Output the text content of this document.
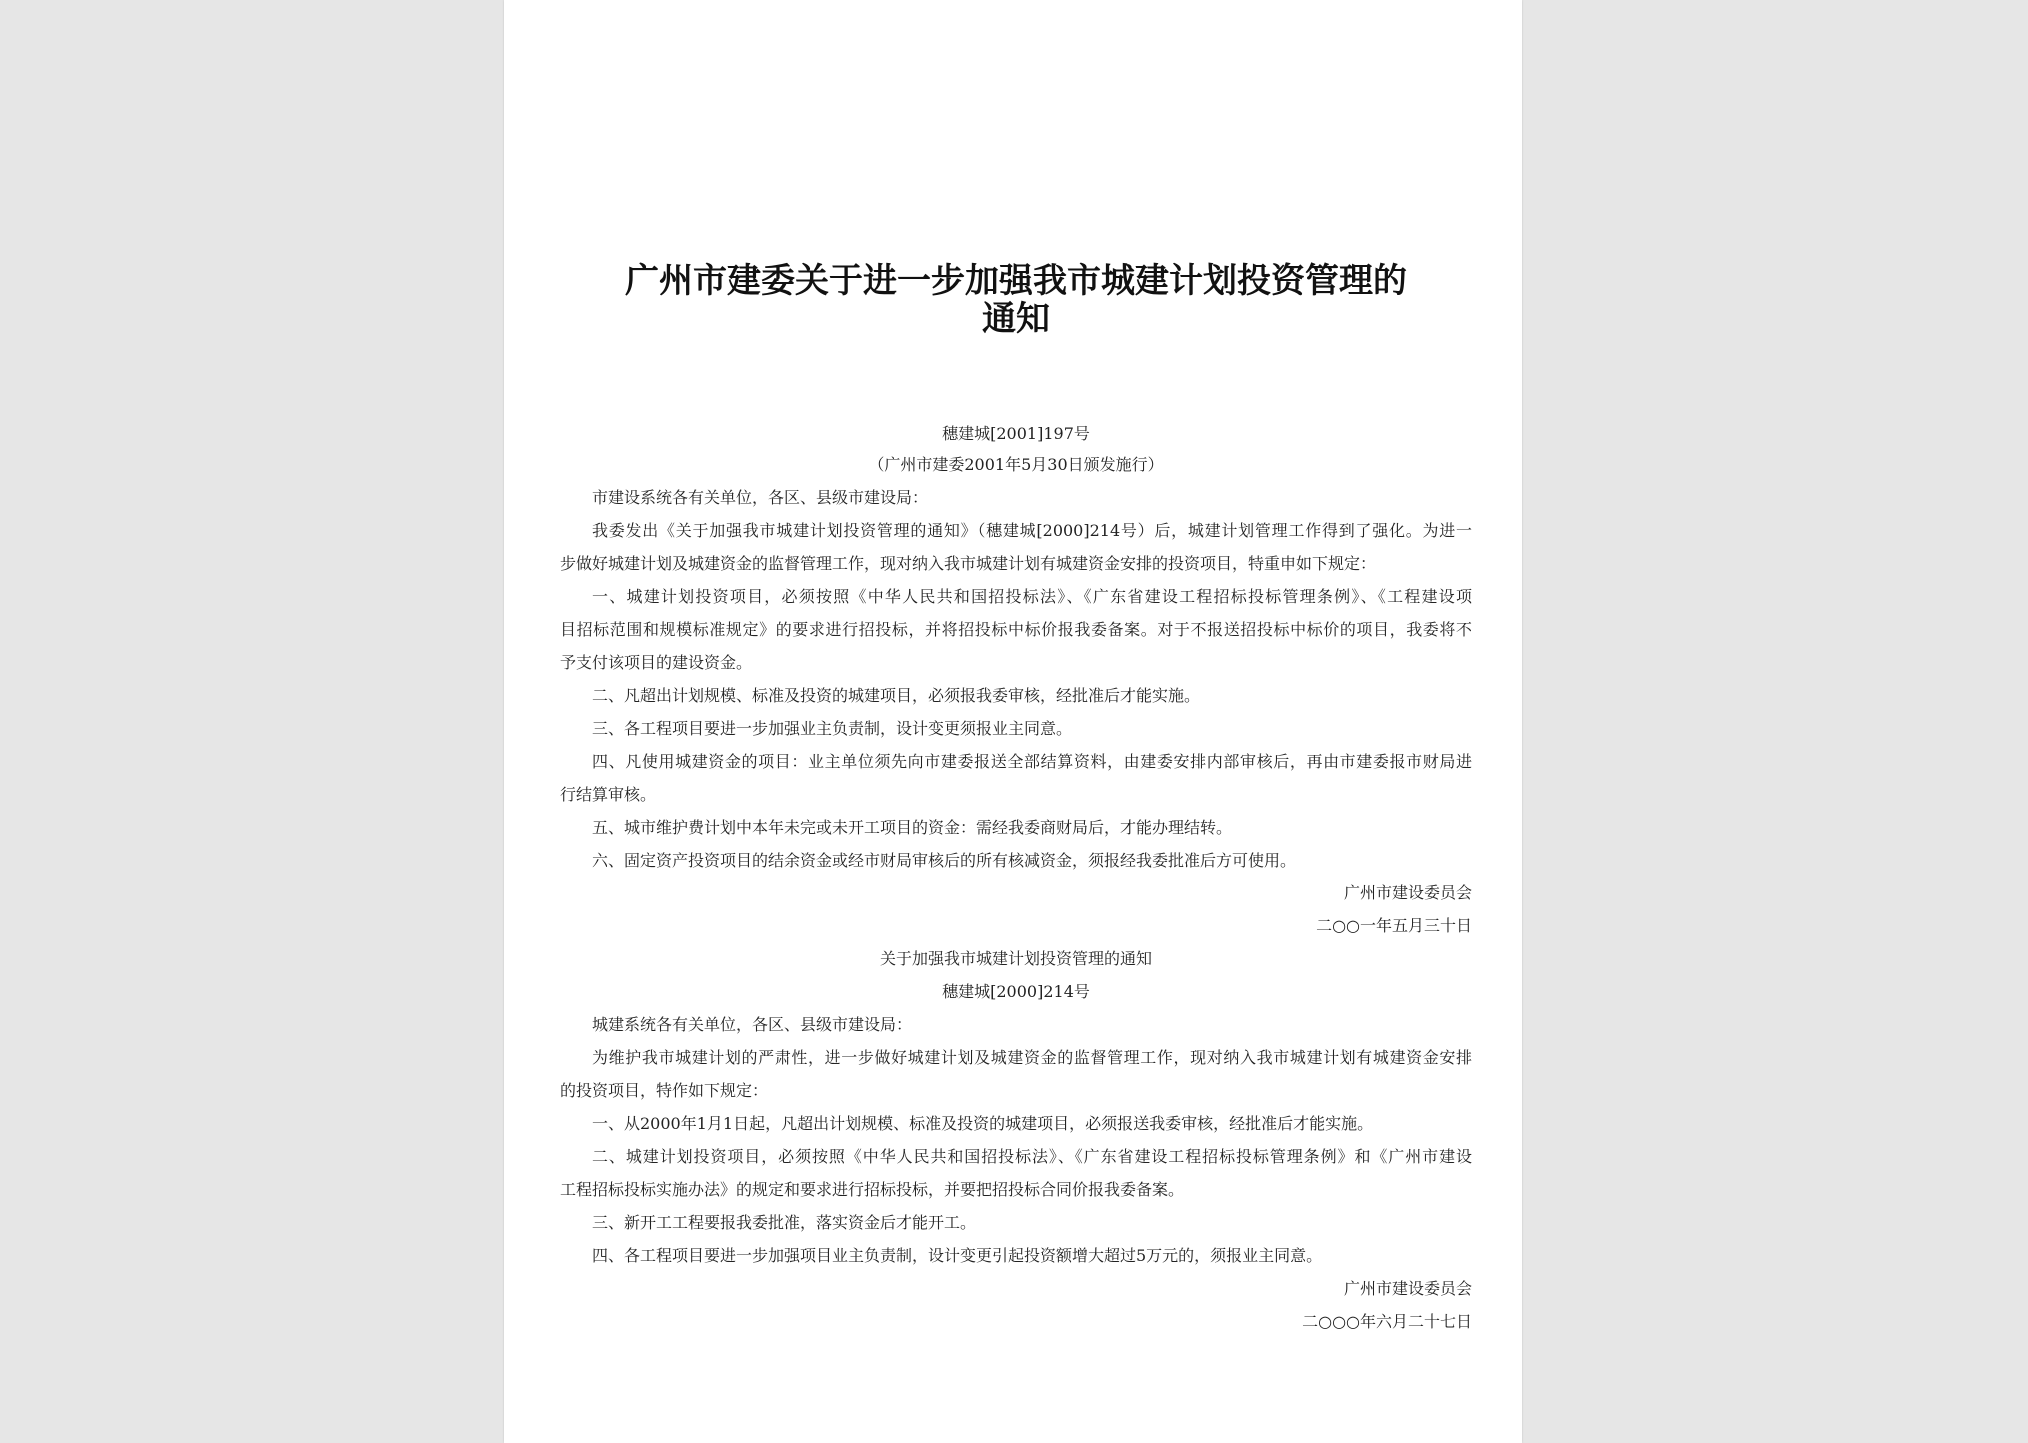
广州市建委关于进一步加强我市城建计划投资管理的
通知
穗建城[2001]197号
（广州市建委2001年5月30日颁发施行）
市建设系统各有关单位，各区、县级市建设局：
我委发出《关于加强我市城建计划投资管理的通知》（穗建城[2000]214号）后，城建计划管理工作得到了强化。为进一
步做好城建计划及城建资金的监督管理工作，现对纳入我市城建计划有城建资金安排的投资项目，特重申如下规定：
一、城建计划投资项目，必须按照《中华人民共和国招投标法》、《广东省建设工程招标投标管理条例》、《工程建设项
目招标范围和规模标准规定》的要求进行招投标，并将招投标中标价报我委备案。对于不报送招投标中标价的项目，我委将不
予支付该项目的建设资金。
二、凡超出计划规模、标准及投资的城建项目，必须报我委审核，经批准后才能实施。
三、各工程项目要进一步加强业主负责制，设计变更须报业主同意。
四、凡使用城建资金的项目：业主单位须先向市建委报送全部结算资料，由建委安排内部审核后，再由市建委报市财局进
行结算审核。
五、城市维护费计划中本年未完或未开工项目的资金：需经我委商财局后，才能办理结转。
六、固定资产投资项目的结余资金或经市财局审核后的所有核减资金，须报经我委批准后方可使用。
广州市建设委员会
二○○一年五月三十日
关于加强我市城建计划投资管理的通知
穗建城[2000]214号
城建系统各有关单位，各区、县级市建设局：
为维护我市城建计划的严肃性，进一步做好城建计划及城建资金的监督管理工作，现对纳入我市城建计划有城建资金安排
的投资项目，特作如下规定：
一、从2000年1月1日起，凡超出计划规模、标准及投资的城建项目，必须报送我委审核，经批准后才能实施。
二、城建计划投资项目，必须按照《中华人民共和国招投标法》、《广东省建设工程招标投标管理条例》和《广州市建设
工程招标投标实施办法》的规定和要求进行招标投标，并要把招投标合同价报我委备案。
三、新开工工程要报我委批准，落实资金后才能开工。
四、各工程项目要进一步加强项目业主负责制，设计变更引起投资额增大超过5万元的，须报业主同意。
广州市建设委员会
二○○○年六月二十七日
